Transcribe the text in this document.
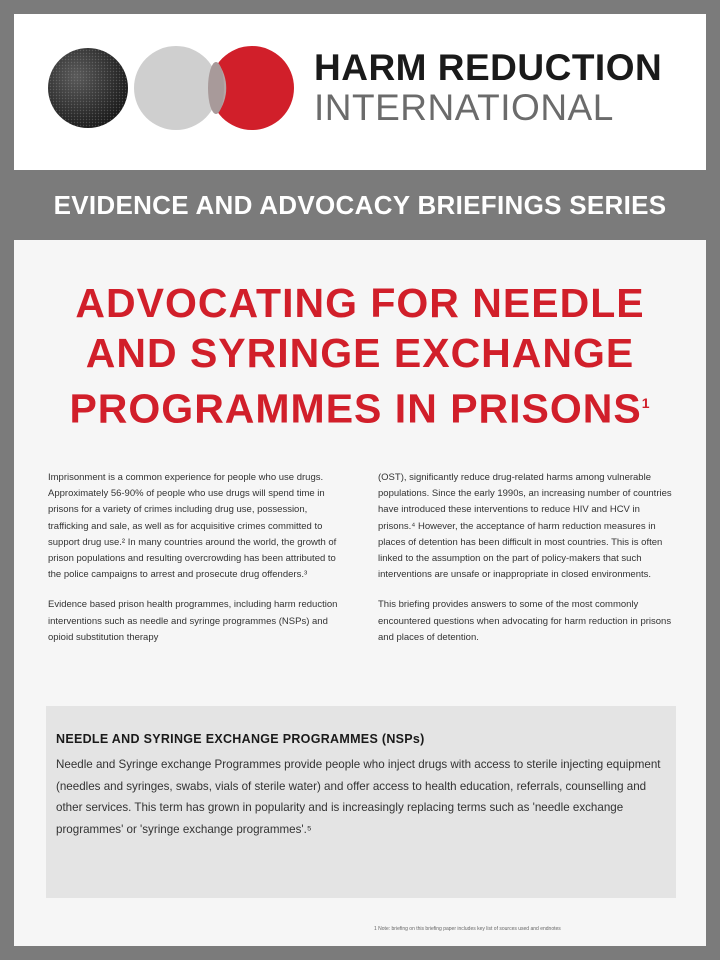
HARM REDUCTION
INTERNATIONAL
EVIDENCE AND ADVOCACY BRIEFINGS SERIES
ADVOCATING FOR NEEDLE
AND SYRINGE EXCHANGE
PROGRAMMES IN PRISONS$^1$

Imprisonment is a common experience for people who use drugs. Approximately 56-90% of people who use drugs will spend time in prisons for a variety of crimes including drug use, possession, trafficking and sale, as well as for acquisitive crimes committed to support drug use.² In many countries around the world, the growth of prison populations and resulting overcrowding has been attributed to the police campaigns to arrest and prosecute drug offenders.³

Evidence based prison health programmes, including harm reduction interventions such as needle and syringe programmes (NSPs) and opioid substitution therapy

(OST), significantly reduce drug-related harms among vulnerable populations. Since the early 1990s, an increasing number of countries have introduced these interventions to reduce HIV and HCV in prisons.⁴ However, the acceptance of harm reduction measures in places of detention has been difficult in most countries. This is often linked to the assumption on the part of policy-makers that such interventions are unsafe or inappropriate in closed environments.

This briefing provides answers to some of the most commonly encountered questions when advocating for harm reduction in prisons and places of detention.

NEEDLE AND SYRINGE EXCHANGE PROGRAMMES (NSPs)
Needle and Syringe exchange Programmes provide people who inject drugs with access to sterile injecting equipment (needles and syringes, swabs, vials of sterile water) and offer access to health education, referrals, counselling and other services. This term has grown in popularity and is increasingly replacing terms such as 'needle exchange programmes' or 'syringe exchange programmes'.⁵
1 Note: briefing on this briefing paper includes key list of sources used and endnotes
